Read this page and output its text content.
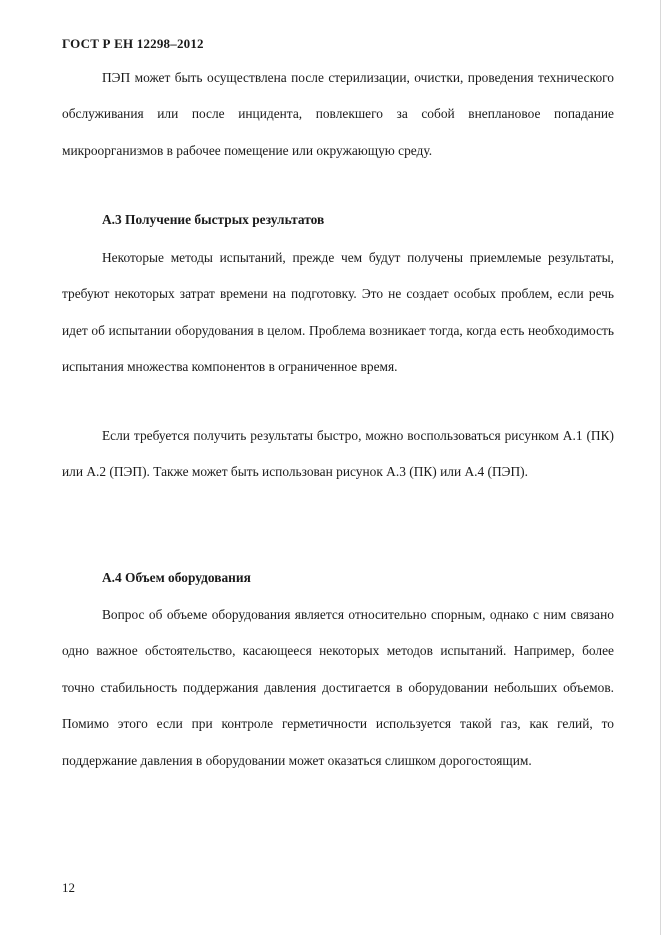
ГОСТ Р ЕН 12298–2012

ПЭП может быть осуществлена после стерилизации, очистки, проведения технического обслуживания или после инцидента, повлекшего за собой внеплановое попадание микроорганизмов в рабочее помещение или окружающую среду.

А.3 Получение быстрых результатов

Некоторые методы испытаний, прежде чем будут получены приемлемые результаты, требуют некоторых затрат времени на подготовку. Это не создает особых проблем, если речь идет об испытании оборудования в целом. Проблема возникает тогда, когда есть необходимость испытания множества компонентов в ограниченное время.

Если требуется получить результаты быстро, можно воспользоваться рисунком А.1 (ПК) или А.2 (ПЭП). Также может быть использован рисунок А.3 (ПК) или А.4 (ПЭП).

А.4 Объем оборудования

Вопрос об объеме оборудования является относительно спорным, однако с ним связано одно важное обстоятельство, касающееся некоторых методов испытаний. Например, более точно стабильность поддержания давления достигается в оборудовании небольших объемов. Помимо этого если при контроле герметичности используется такой газ, как гелий, то поддержание давления в оборудовании может оказаться слишком дорогостоящим.

12
